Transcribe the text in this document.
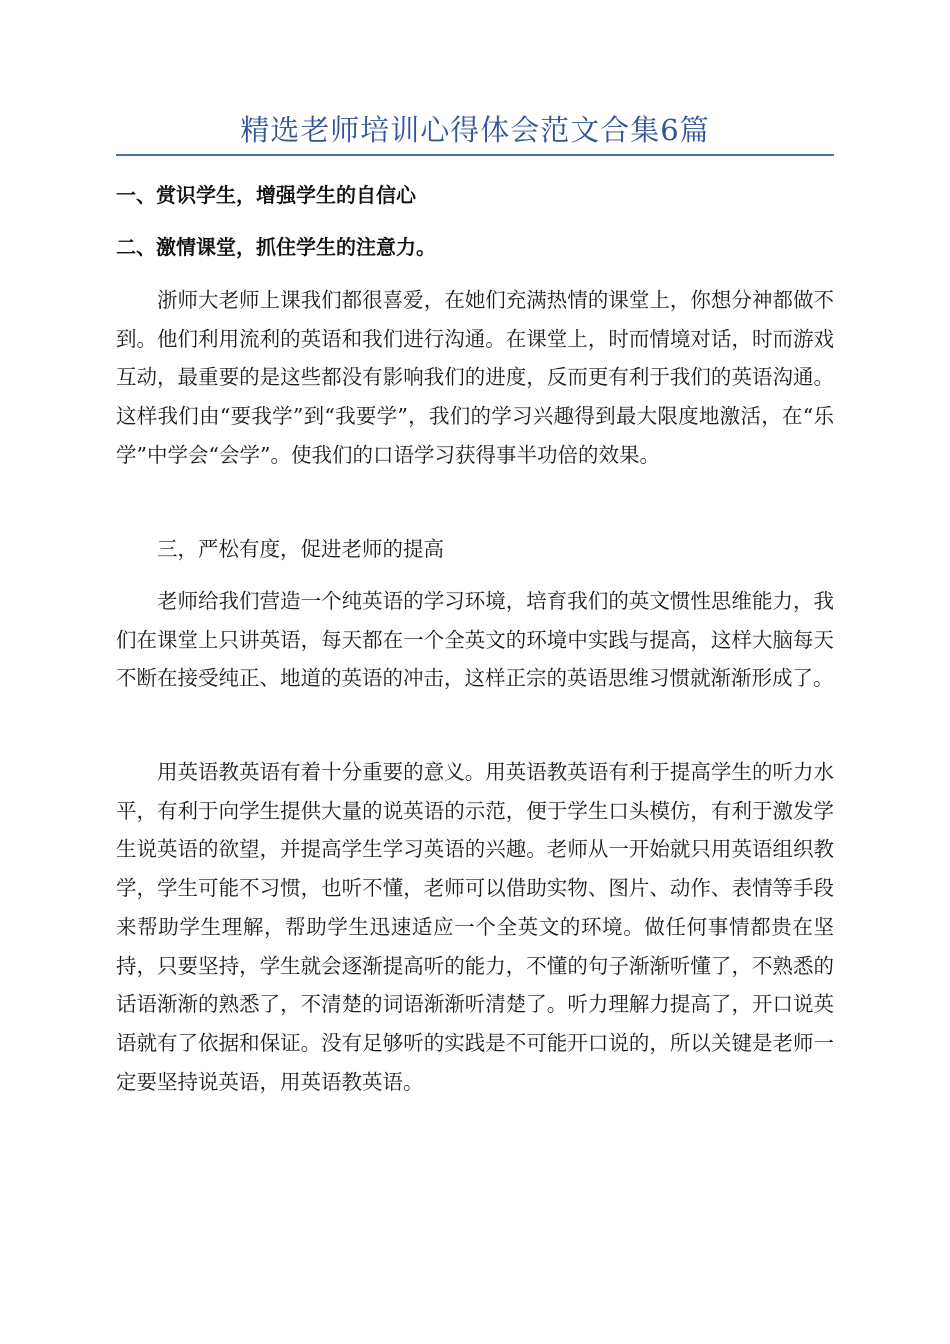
精选老师培训心得体会范文合集6篇

一、赏识学生，增强学生的自信心

二、激情课堂，抓住学生的注意力。

浙师大老师上课我们都很喜爱，在她们充满热情的课堂上，你想分神都做不到。他们利用流利的英语和我们进行沟通。在课堂上，时而情境对话，时而游戏互动，最重要的是这些都没有影响我们的进度，反而更有利于我们的英语沟通。这样我们由“要我学”到“我要学”，我们的学习兴趣得到最大限度地激活，在“乐学”中学会“会学”。使我们的口语学习获得事半功倍的效果。

三，严松有度，促进老师的提高

老师给我们营造一个纯英语的学习环境，培育我们的英文惯性思维能力，我们在课堂上只讲英语，每天都在一个全英文的环境中实践与提高，这样大脑每天不断在接受纯正、地道的英语的冲击，这样正宗的英语思维习惯就渐渐形成了。

用英语教英语有着十分重要的意义。用英语教英语有利于提高学生的听力水平，有利于向学生提供大量的说英语的示范，便于学生口头模仿，有利于激发学生说英语的欲望，并提高学生学习英语的兴趣。老师从一开始就只用英语组织教学，学生可能不习惯，也听不懂，老师可以借助实物、图片、动作、表情等手段来帮助学生理解，帮助学生迅速适应一个全英文的环境。做任何事情都贵在坚持，只要坚持，学生就会逐渐提高听的能力，不懂的句子渐渐听懂了，不熟悉的话语渐渐的熟悉了，不清楚的词语渐渐听清楚了。听力理解力提高了，开口说英语就有了依据和保证。没有足够听的实践是不可能开口说的，所以关键是老师一定要坚持说英语，用英语教英语。
